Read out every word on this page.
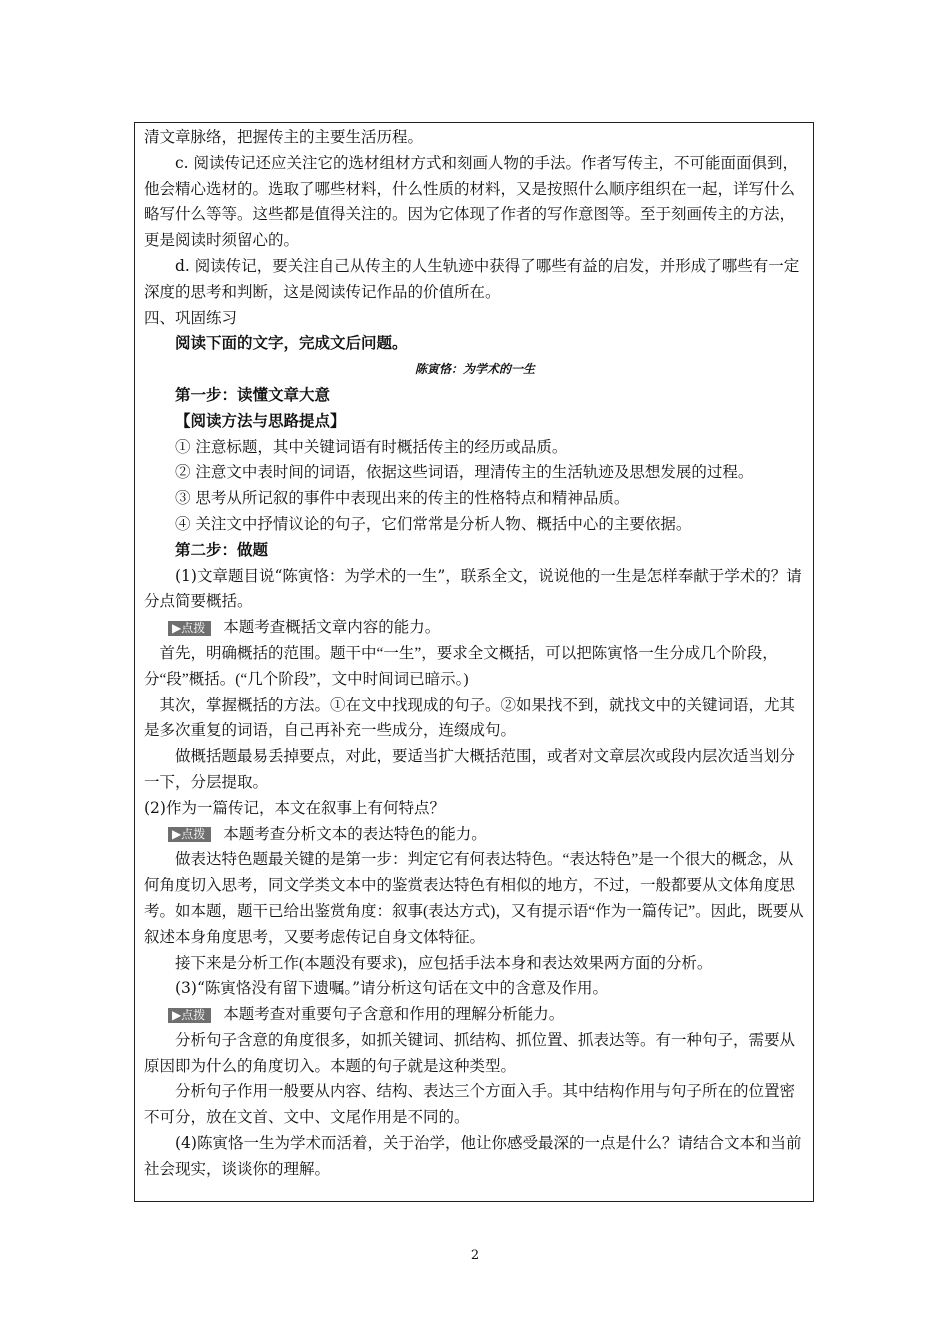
清文章脉络，把握传主的主要生活历程。

c. 阅读传记还应关注它的选材组材方式和刻画人物的手法。作者写传主，不可能面面俱到，他会精心选材的。选取了哪些材料，什么性质的材料，又是按照什么顺序组织在一起，详写什么略写什么等等。这些都是值得关注的。因为它体现了作者的写作意图等。至于刻画传主的方法，更是阅读时须留心的。

d. 阅读传记，要关注自己从传主的人生轨迹中获得了哪些有益的启发，并形成了哪些有一定深度的思考和判断，这是阅读传记作品的价值所在。

四、巩固练习

阅读下面的文字，完成文后问题。

陈寅恪：为学术的一生

第一步：读懂文章大意

【阅读方法与思路提点】

① 注意标题，其中关键词语有时概括传主的经历或品质。

② 注意文中表时间的词语，依据这些词语，理清传主的生活轨迹及思想发展的过程。

③ 思考从所记叙的事件中表现出来的传主的性格特点和精神品质。

④ 关注文中抒情议论的句子，它们常常是分析人物、概括中心的主要依据。

第二步：做题

(1)文章题目说“陈寅恪：为学术的一生”，联系全文，说说他的一生是怎样奉献于学术的？请分点简要概括。

▶点拨 本题考查概括文章内容的能力。

首先，明确概括的范围。题干中“一生”，要求全文概括，可以把陈寅恪一生分成几个阶段，分“段”概括。(“几个阶段”，文中时间词已暗示。)

其次，掌握概括的方法。①在文中找现成的句子。②如果找不到，就找文中的关键词语，尤其是多次重复的词语，自己再补充一些成分，连缀成句。

做概括题最易丢掉要点，对此，要适当扩大概括范围，或者对文章层次或段内层次适当划分一下，分层提取。

(2)作为一篇传记，本文在叙事上有何特点？

▶点拨 本题考查分析文本的表达特色的能力。

做表达特色题最关键的是第一步：判定它有何表达特色。“表达特色”是一个很大的概念，从何角度切入思考，同文学类文本中的鉴赏表达特色有相似的地方，不过，一般都要从文体角度思考。如本题，题干已给出鉴赏角度：叙事(表达方式)，又有提示语“作为一篇传记”。因此，既要从叙述本身角度思考，又要考虑传记自身文体特征。

接下来是分析工作(本题没有要求)，应包括手法本身和表达效果两方面的分析。

(3)“陈寅恪没有留下遗嘱。”请分析这句话在文中的含意及作用。

▶点拨 本题考查对重要句子含意和作用的理解分析能力。

分析句子含意的角度很多，如抓关键词、抓结构、抓位置、抓表达等。有一种句子，需要从原因即为什么的角度切入。本题的句子就是这种类型。

分析句子作用一般要从内容、结构、表达三个方面入手。其中结构作用与句子所在的位置密不可分，放在文首、文中、文尾作用是不同的。

(4)陈寅恪一生为学术而活着，关于治学，他让你感受最深的一点是什么？请结合文本和当前社会现实，谈谈你的理解。

2
